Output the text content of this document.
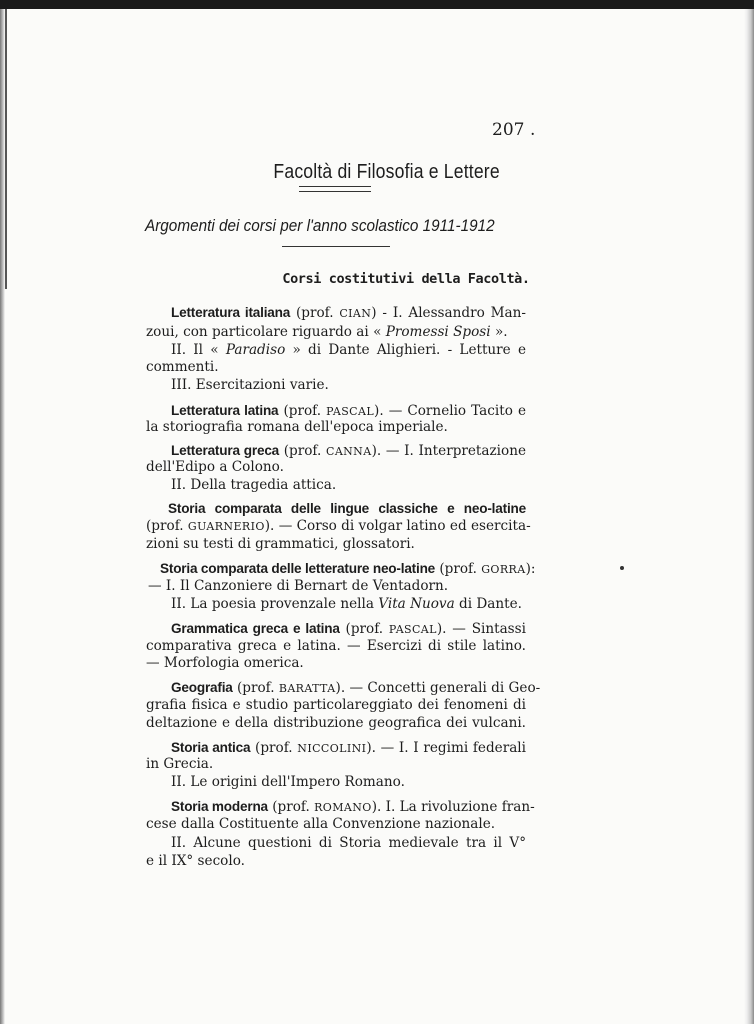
207 .
Facoltà di Filosofia e Lettere
Argomenti dei corsi per l'anno scolastico 1911-1912
Corsi costitutivi della Facoltà.
Letteratura italiana (prof. CIAN) - I. Alessandro Man-
zoui, con particolare riguardo ai « Promessi Sposi ».
II. Il « Paradiso » di Dante Alighieri. - Letture e
commenti.
III. Esercitazioni varie.
Letteratura latina (prof. PASCAL). — Cornelio Tacito e
la storiografia romana dell'epoca imperiale.
Letteratura greca (prof. CANNA). — I. Interpretazione
dell'Edipo a Colono.
II. Della tragedia attica.
Storia comparata delle lingue classiche e neo-latine
(prof. GUARNERIO). — Corso di volgar latino ed esercita-
zioni su testi di grammatici, glossatori.
Storia comparata delle letterature neo-latine (prof. GORRA):
— I. Il Canzoniere di Bernart de Ventadorn.
II. La poesia provenzale nella Vita Nuova di Dante.
Grammatica greca e latina (prof. PASCAL). — Sintassi
comparativa greca e latina. — Esercizi di stile latino.
— Morfologia omerica.
Geografia (prof. BARATTA). — Concetti generali di Geo-
grafia fisica e studio particolareggiato dei fenomeni di
deltazione e della distribuzione geografica dei vulcani.
Storia antica (prof. NICCOLINI). — I. I regimi federali
in Grecia.
II. Le origini dell'Impero Romano.
Storia moderna (prof. ROMANO). I. La rivoluzione fran-
cese dalla Costituente alla Convenzione nazionale.
II. Alcune questioni di Storia medievale tra il V°
e il IX° secolo.
